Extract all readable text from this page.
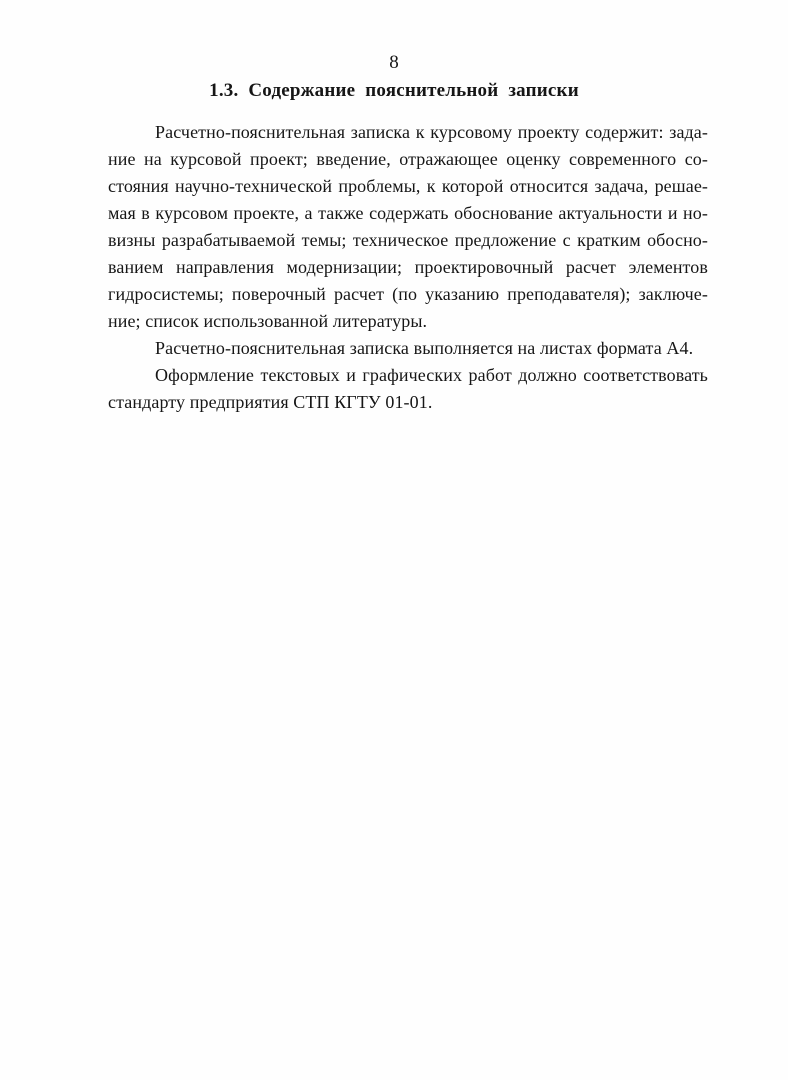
8
1.3. Содержание пояснительной записки
Расчетно-пояснительная записка к курсовому проекту содержит: зада-
ние на курсовой проект; введение, отражающее оценку современного со-
стояния научно-технической проблемы, к которой относится задача, решае-
мая в курсовом проекте, а также содержать обоснование актуальности и но-
визны разрабатываемой темы; техническое предложение с кратким обосно-
ванием направления модернизации; проектировочный расчет элементов
гидросистемы; поверочный расчет (по указанию преподавателя); заключе-
ние; список использованной литературы.
Расчетно-пояснительная записка выполняется на листах формата А4.
Оформление текстовых и графических работ должно соответствовать
стандарту предприятия СТП КГТУ 01-01.
